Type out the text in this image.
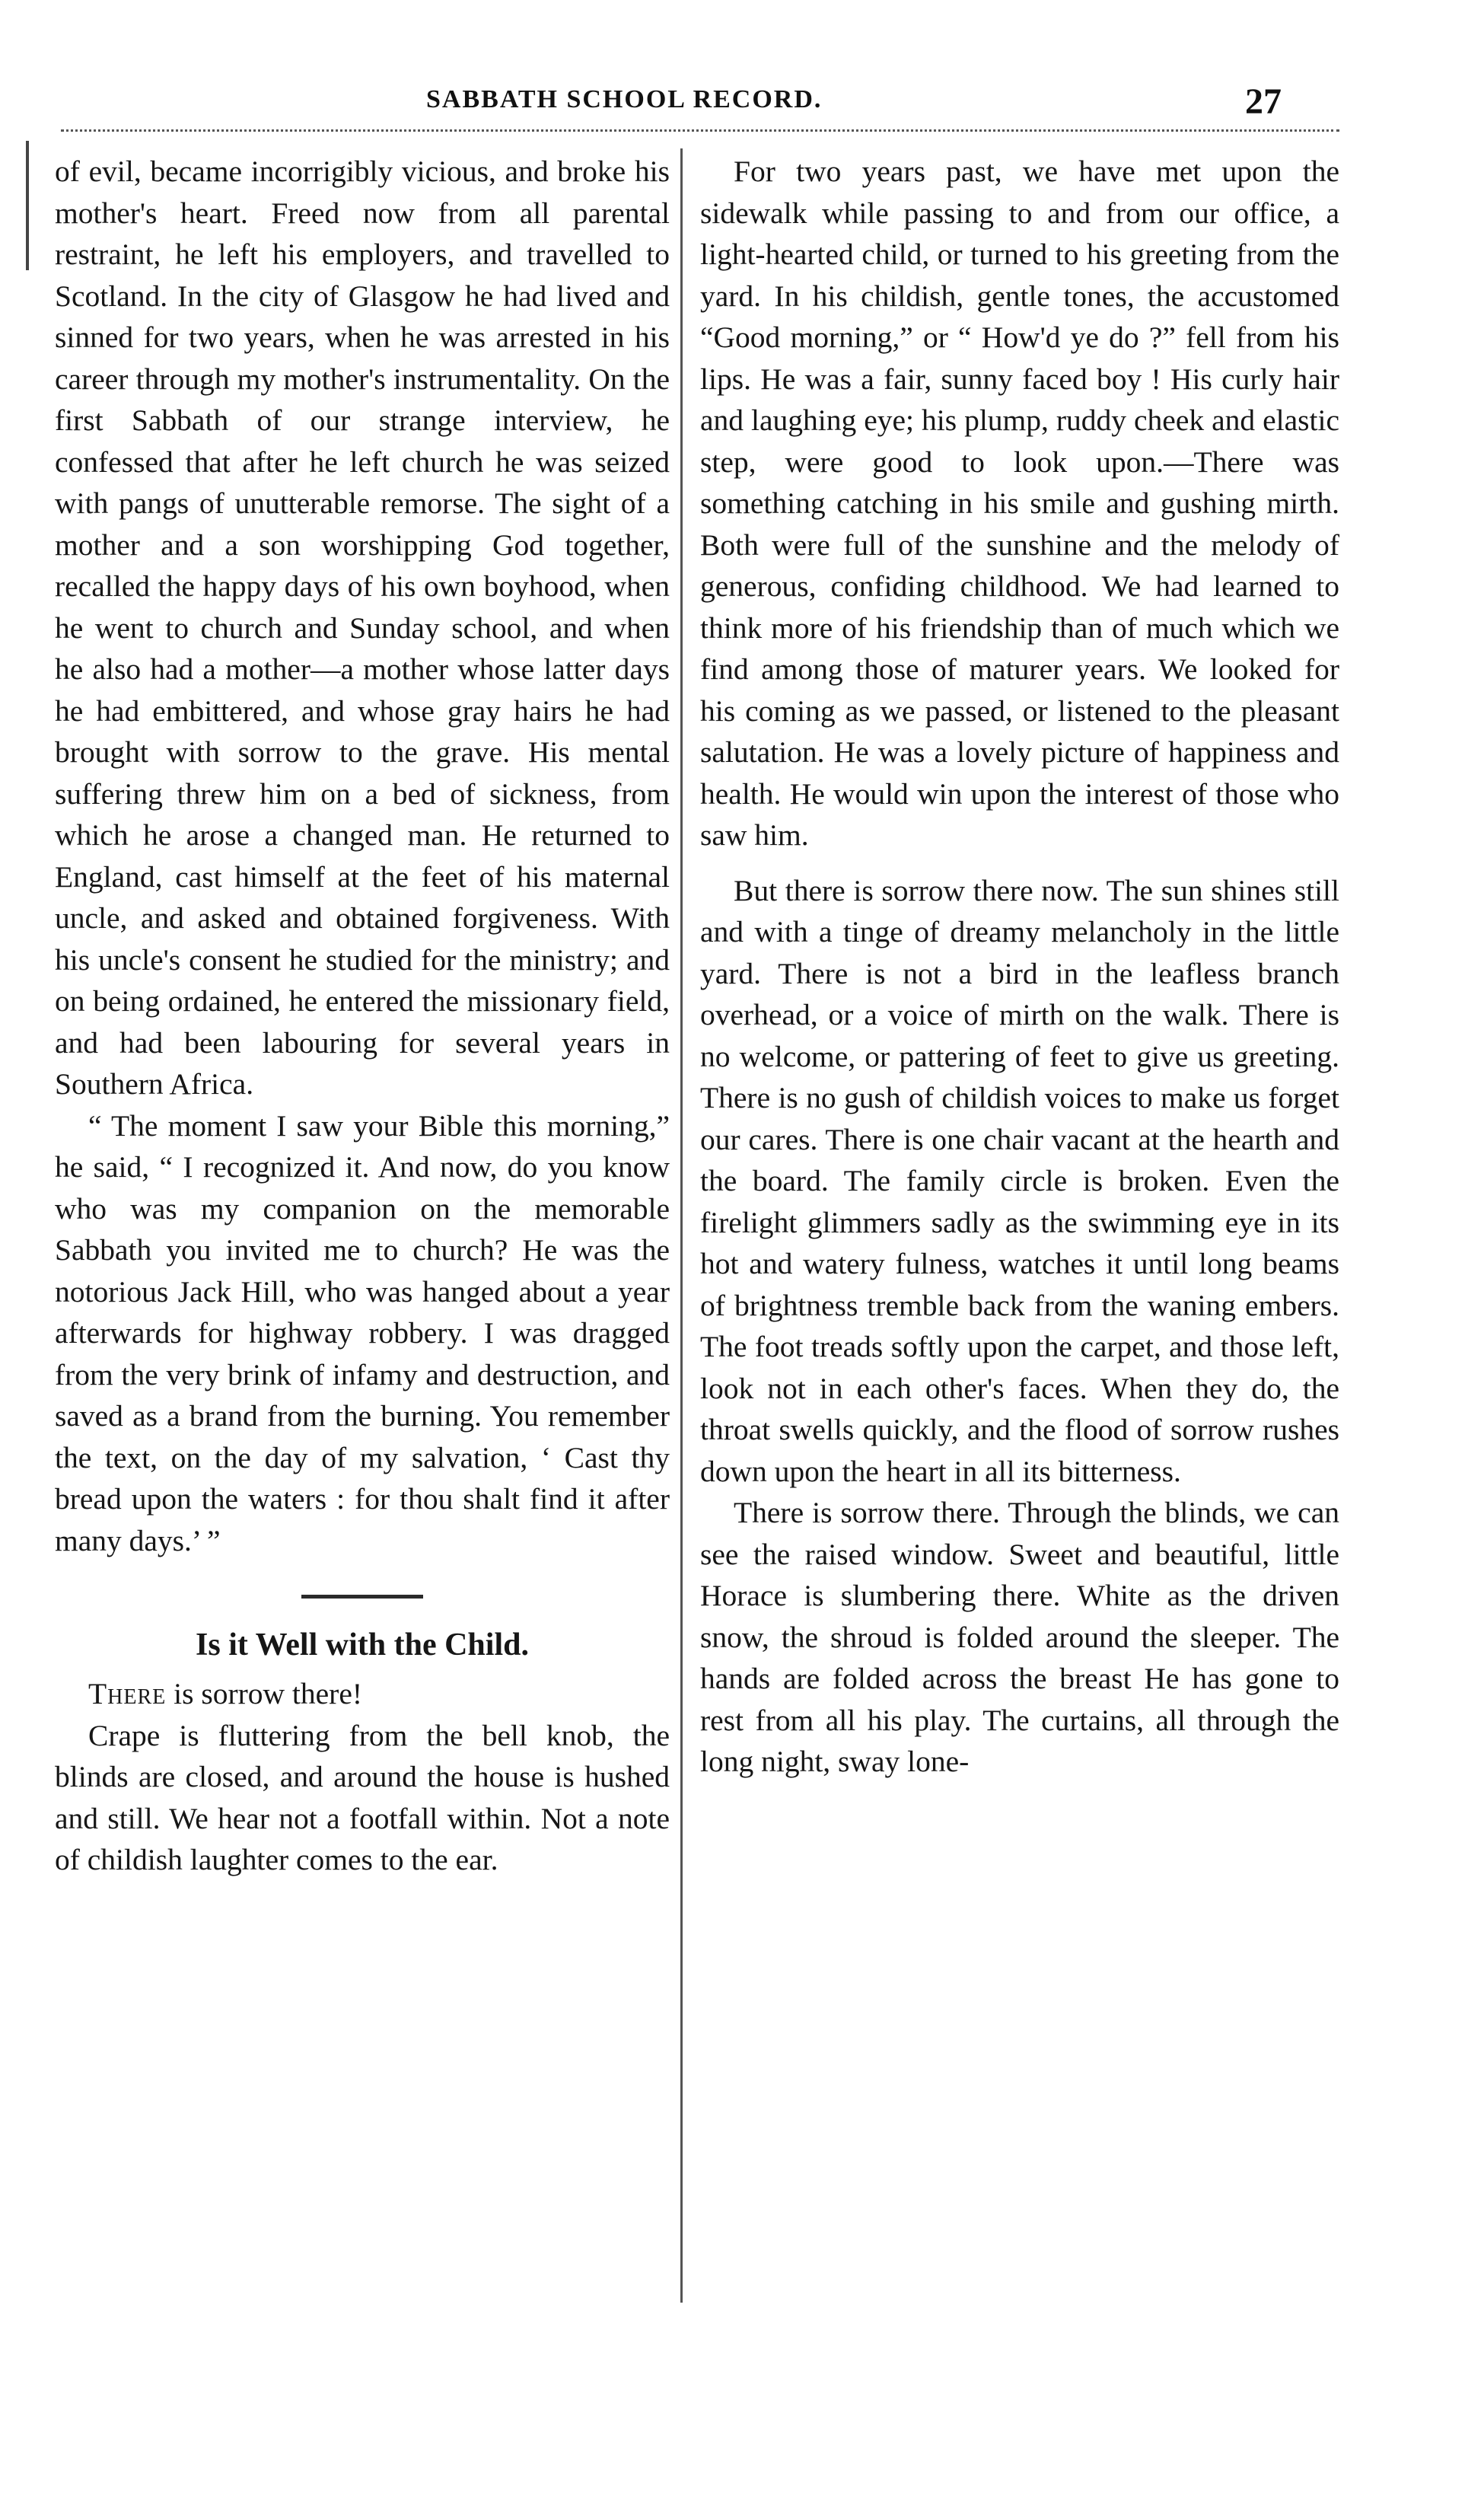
SABBATH SCHOOL RECORD.	27

of evil, became incorrigibly vicious, and broke his mother's heart. Freed now from all parental restraint, he left his employers, and travelled to Scotland. In the city of Glasgow he had lived and sinned for two years, when he was arrested in his career through my mother's instrumentality. On the first Sabbath of our strange interview, he confessed that after he left church he was seized with pangs of unutterable remorse. The sight of a mother and a son worshipping God together, recalled the happy days of his own boyhood, when he went to church and Sunday school, and when he also had a mother—a mother whose latter days he had embittered, and whose gray hairs he had brought with sorrow to the grave. His mental suffering threw him on a bed of sickness, from which he arose a changed man. He returned to England, cast himself at the feet of his maternal uncle, and asked and obtained forgiveness. With his uncle's consent he studied for the ministry; and on being ordained, he entered the missionary field, and had been labouring for several years in Southern Africa.

“ The moment I saw your Bible this morning,” he said, “ I recognized it. And now, do you know who was my companion on the memorable Sabbath you invited me to church? He was the notorious Jack Hill, who was hanged about a year afterwards for highway robbery. I was dragged from the very brink of infamy and destruction, and saved as a brand from the burning. You remember the text, on the day of my salvation, ‘ Cast thy bread upon the waters : for thou shalt find it after many days.’ ”

Is it Well with the Child.

There is sorrow there!

Crape is fluttering from the bell knob, the blinds are closed, and around the house is hushed and still. We hear not a footfall within. Not a note of childish laughter comes to the ear.

For two years past, we have met upon the sidewalk while passing to and from our office, a light-hearted child, or turned to his greeting from the yard. In his childish, gentle tones, the accustomed “Good morning,” or “ How'd ye do ?” fell from his lips. He was a fair, sunny faced boy ! His curly hair and laughing eye; his plump, ruddy cheek and elastic step, were good to look upon.—There was something catching in his smile and gushing mirth. Both were full of the sunshine and the melody of generous, confiding childhood. We had learned to think more of his friendship than of much which we find among those of maturer years. We looked for his coming as we passed, or listened to the pleasant salutation. He was a lovely picture of happiness and health. He would win upon the interest of those who saw him.

But there is sorrow there now. The sun shines still and with a tinge of dreamy melancholy in the little yard. There is not a bird in the leafless branch overhead, or a voice of mirth on the walk. There is no welcome, or pattering of feet to give us greeting. There is no gush of childish voices to make us forget our cares. There is one chair vacant at the hearth and the board. The family circle is broken. Even the firelight glimmers sadly as the swimming eye in its hot and watery fulness, watches it until long beams of brightness tremble back from the waning embers. The foot treads softly upon the carpet, and those left, look not in each other's faces. When they do, the throat swells quickly, and the flood of sorrow rushes down upon the heart in all its bitterness.

There is sorrow there. Through the blinds, we can see the raised window. Sweet and beautiful, little Horace is slumbering there. White as the driven snow, the shroud is folded around the sleeper. The hands are folded across the breast He has gone to rest from all his play. The curtains, all through the long night, sway lone-
